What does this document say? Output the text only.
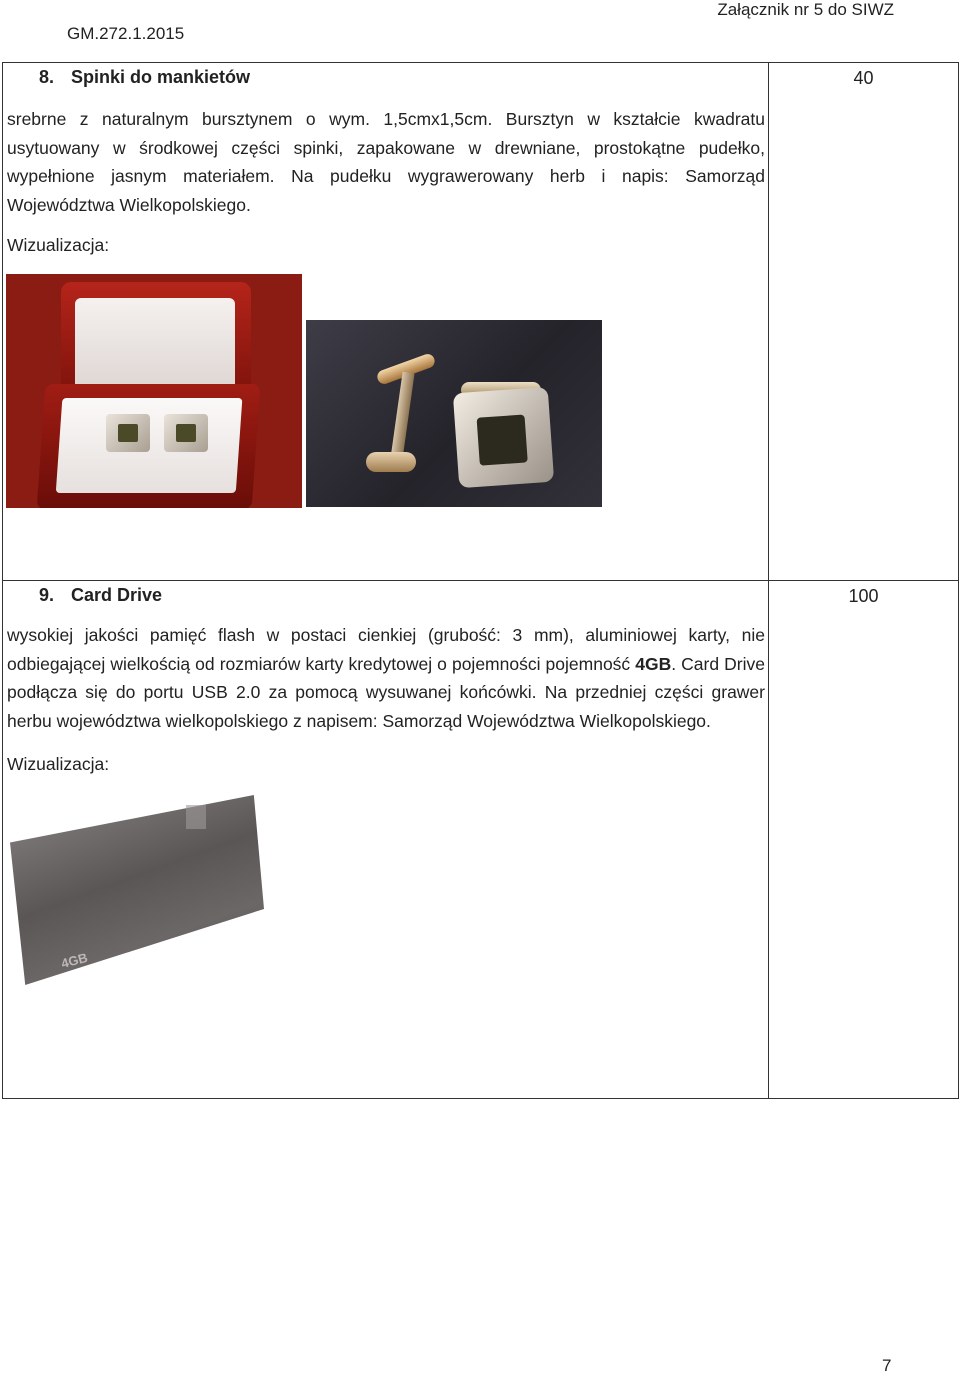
GM.272.1.2015
Załącznik nr 5 do SIWZ
8. Spinki do mankietów
srebrne z naturalnym bursztynem o wym. 1,5cmx1,5cm. Bursztyn w kształcie kwadratu usytuowany w środkowej części spinki, zapakowane w drewniane, prostokątne pudełko, wypełnione jasnym materiałem. Na pudełku wygrawerowany herb i napis: Samorząd Województwa Wielkopolskiego.
Wizualizacja:	40

9. Card Drive
wysokiej jakości pamięć flash w postaci cienkiej (grubość: 3 mm), aluminiowej karty, nie odbiegającej wielkością od rozmiarów karty kredytowej o pojemności pojemność 4GB. Card Drive podłącza się do portu USB 2.0 za pomocą wysuwanej końcówki. Na przedniej części grawer herbu województwa wielkopolskiego z napisem: Samorząd Województwa Wielkopolskiego.
Wizualizacja:
4GB	100
7
